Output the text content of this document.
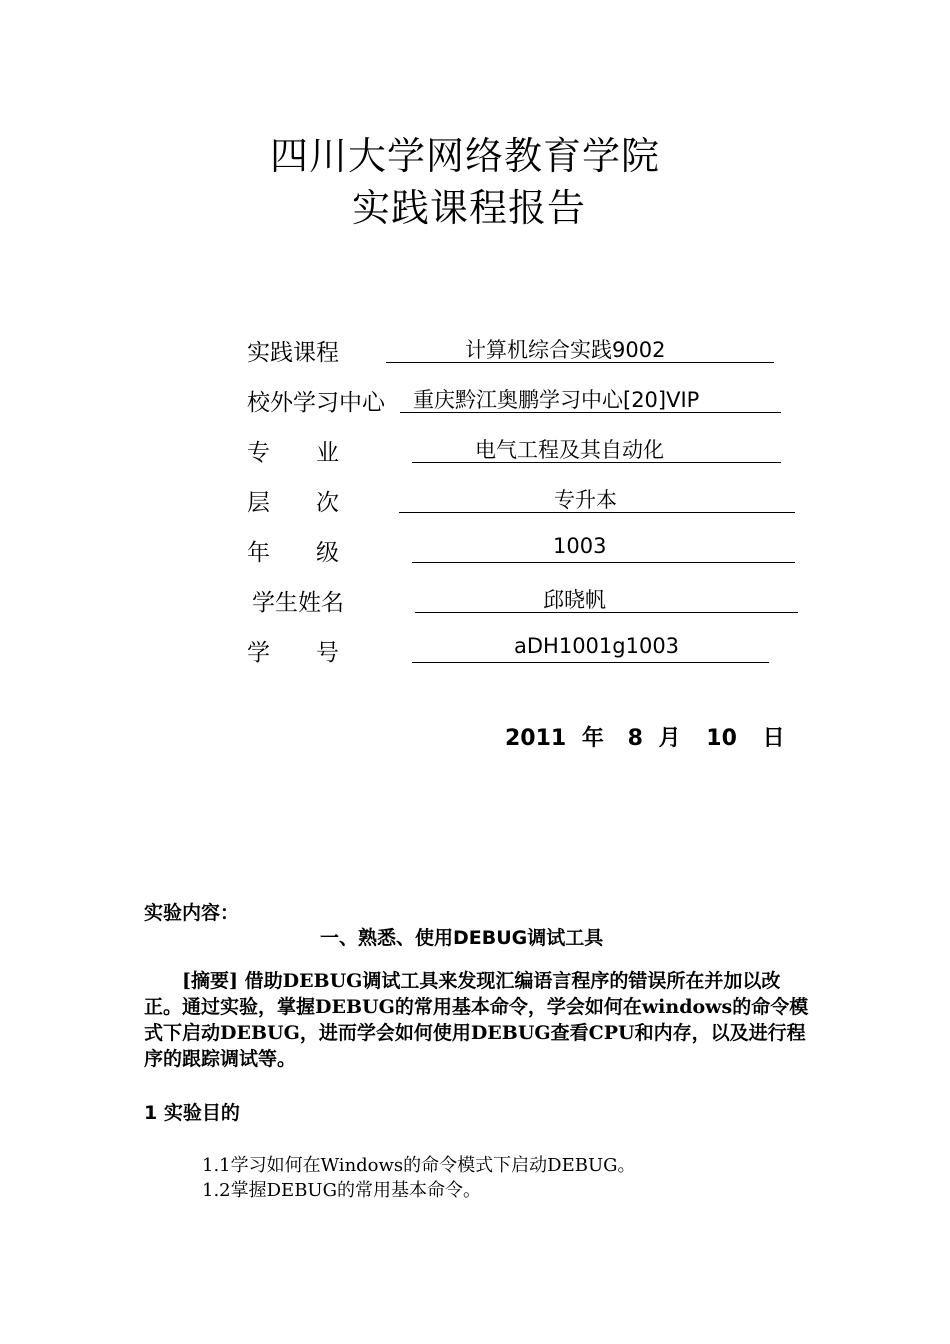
四川大学网络教育学院
实践课程报告
实践课程	计算机综合实践9002
校外学习中心 重庆黔江奥鹏学习中心[20]VIP
专　　业	电气工程及其自动化
层　　次	专升本
年　　级	1003
学生姓名	邱晓帆
学　　号	aDH1001g1003
2011 年 8 月 10 日
实验内容：
一、熟悉、使用DEBUG调试工具
　　[摘要] 借助DEBUG调试工具来发现汇编语言程序的错误所在并加以改正。通过实验，掌握DEBUG的常用基本命令，学会如何在windows的命令模式下启动DEBUG，进而学会如何使用DEBUG查看CPU和内存，以及进行程序的跟踪调试等。
1 实验目的
1.1学习如何在Windows的命令模式下启动DEBUG。
1.2掌握DEBUG的常用基本命令。
